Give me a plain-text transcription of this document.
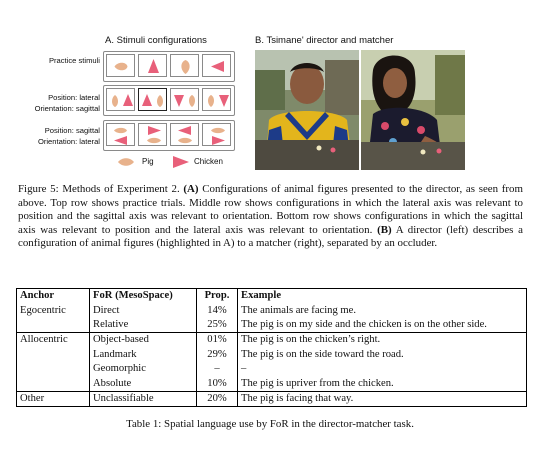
A. Stimuli configurations	B. Tsimane' director and matcher
Practice stimuli
Position: lateral
Orientation: sagittal
Position: sagittal
Orientation: lateral
Pig	Chicken

Figure 5: Methods of Experiment 2. (A) Configurations of animal figures presented to the director, as seen from above. Top row shows practice trials. Middle row shows configurations in which the lateral axis was relevant to position and the sagittal axis was relevant to orientation. Bottom row shows configurations in which the sagittal axis was relevant to position and the lateral axis was relevant to orientation. (B) A director (left) describes a configuration of animal figures (highlighted in A) to a matcher (right), separated by an occluder.

Anchor	FoR (MesoSpace)	Prop.	Example
Egocentric	Direct	14%	The animals are facing me.
	Relative	25%	The pig is on my side and the chicken is on the other side.
Allocentric	Object-based	01%	The pig is on the chicken’s right.
	Landmark	29%	The pig is on the side toward the road.
	Geomorphic	–	–
	Absolute	10%	The pig is upriver from the chicken.
Other	Unclassifiable	20%	The pig is facing that way.
Table 1: Spatial language use by FoR in the director-matcher task.
